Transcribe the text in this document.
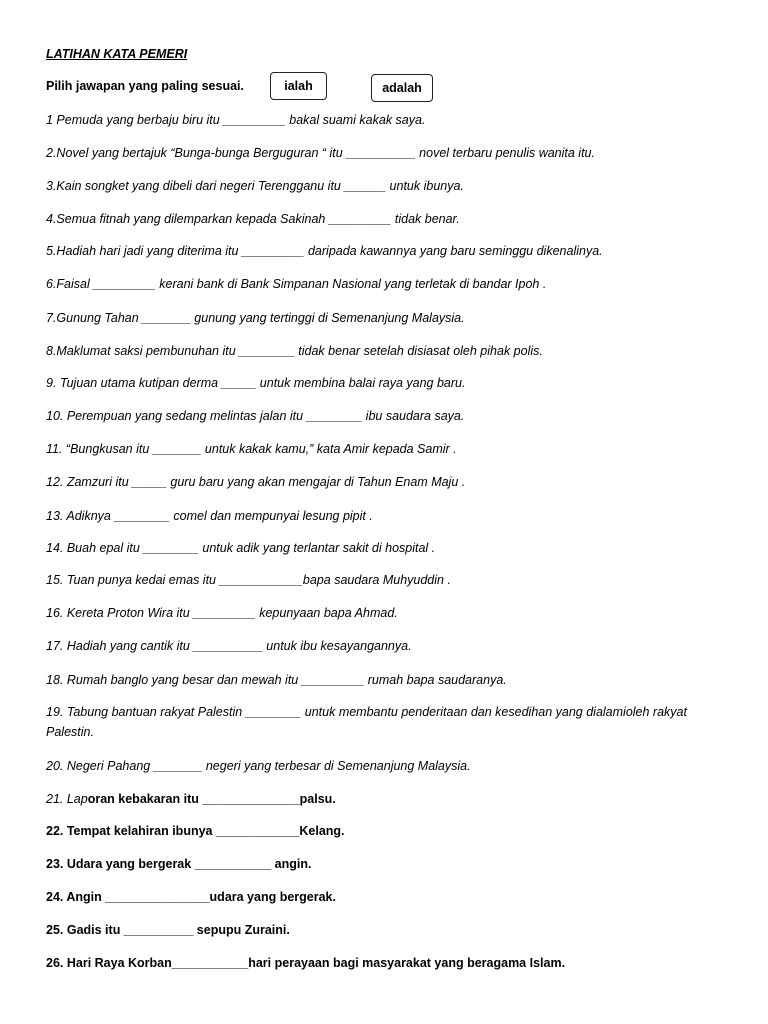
LATIHAN KATA PEMERI
Pilih jawapan yang paling sesuai.	ialah	adalah
1 Pemuda yang berbaju biru itu _________ bakal suami kakak saya.
2.Novel yang bertajuk “Bunga-bunga Berguguran “ itu __________ novel terbaru penulis wanita itu.
3.Kain songket yang dibeli dari negeri Terengganu itu ______ untuk ibunya.
4.Semua fitnah yang dilemparkan kepada Sakinah _________ tidak benar.
5.Hadiah hari jadi yang diterima itu _________ daripada kawannya yang baru seminggu dikenalinya.
6.Faisal _________ kerani bank di Bank Simpanan Nasional yang terletak di bandar Ipoh .
7.Gunung Tahan _______ gunung yang tertinggi di Semenanjung Malaysia.
8.Maklumat saksi pembunuhan itu ________ tidak benar setelah disiasat oleh pihak polis.
9. Tujuan utama kutipan derma _____ untuk membina balai raya yang baru.
10. Perempuan yang sedang melintas jalan itu ________ ibu saudara saya.
11. “Bungkusan itu _______ untuk kakak kamu,” kata Amir kepada Samir .
12. Zamzuri itu _____ guru baru yang akan mengajar di Tahun Enam Maju .
13. Adiknya ________ comel dan mempunyai lesung pipit .
14. Buah epal itu ________ untuk adik yang terlantar sakit di hospital .
15. Tuan punya kedai emas itu ____________bapa saudara Muhyuddin .
16. Kereta Proton Wira itu _________ kepunyaan bapa Ahmad.
17. Hadiah yang cantik itu __________ untuk ibu kesayangannya.
18. Rumah banglo yang besar dan mewah itu _________ rumah bapa saudaranya.
19. Tabung bantuan rakyat Palestin ________ untuk membantu penderitaan dan kesedihan yang dialamioleh rakyat Palestin.
20. Negeri Pahang _______ negeri yang terbesar di Semenanjung Malaysia.
21. Laporan kebakaran itu ______________palsu.
22. Tempat kelahiran ibunya ____________Kelang.
23. Udara yang bergerak ___________ angin.
24. Angin _______________udara yang bergerak.
25. Gadis itu __________ sepupu Zuraini.
26. Hari Raya Korban___________hari perayaan bagi masyarakat yang beragama Islam.
